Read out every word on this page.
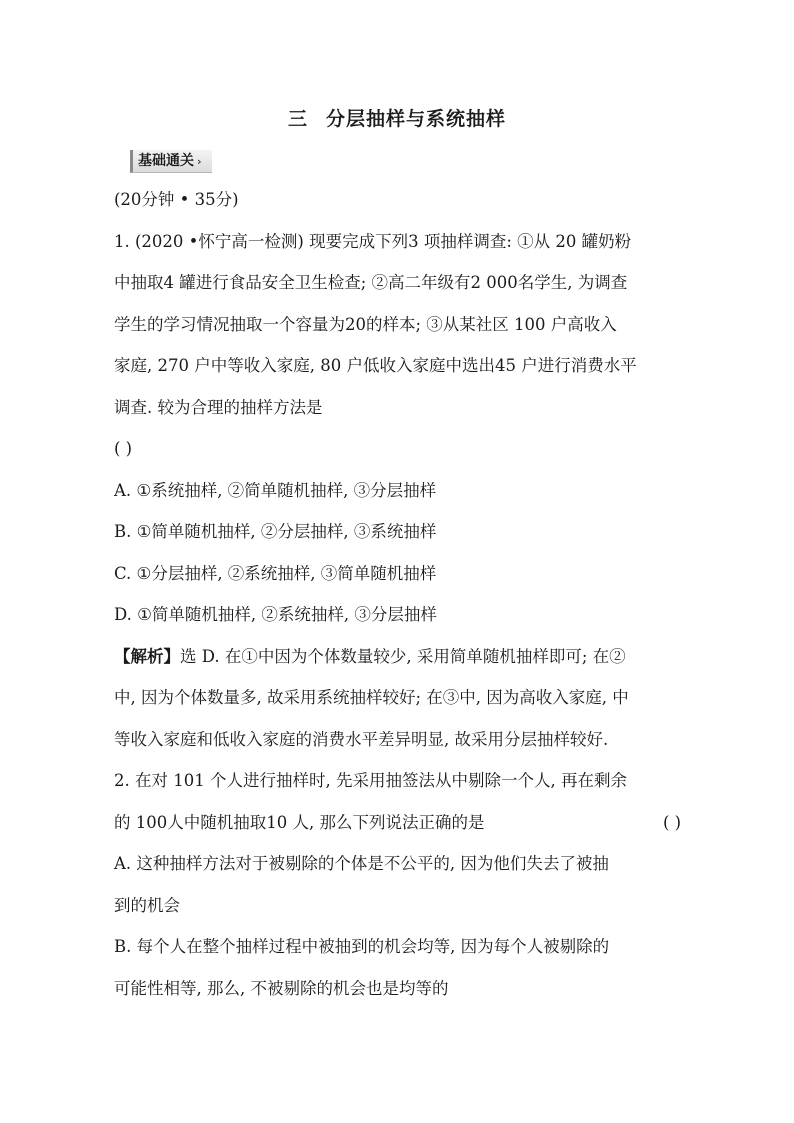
三 分层抽样与系统抽样
基础通关 ›
(20分钟 • 35分)
1. (2020 •怀宁高一检测) 现要完成下列3 项抽样调查: ①从 20 罐奶粉
中抽取4 罐进行食品安全卫生检查; ②高二年级有2 000名学生, 为调查
学生的学习情况抽取一个容量为20的样本; ③从某社区 100 户高收入
家庭, 270 户中等收入家庭, 80 户低收入家庭中选出45 户进行消费水平
调查. 较为合理的抽样方法是
( )
A. ①系统抽样, ②简单随机抽样, ③分层抽样
B. ①简单随机抽样, ②分层抽样, ③系统抽样
C. ①分层抽样, ②系统抽样, ③简单随机抽样
D. ①简单随机抽样, ②系统抽样, ③分层抽样
【解析】选 D. 在①中因为个体数量较少, 采用简单随机抽样即可; 在②
中, 因为个体数量多, 故采用系统抽样较好; 在③中, 因为高收入家庭, 中
等收入家庭和低收入家庭的消费水平差异明显, 故采用分层抽样较好.
2. 在对 101 个人进行抽样时, 先采用抽签法从中剔除一个人, 再在剩余
的 100人中随机抽取10 人, 那么下列说法正确的是	( )
A. 这种抽样方法对于被剔除的个体是不公平的, 因为他们失去了被抽
到的机会
B. 每个人在整个抽样过程中被抽到的机会均等, 因为每个人被剔除的
可能性相等, 那么, 不被剔除的机会也是均等的
